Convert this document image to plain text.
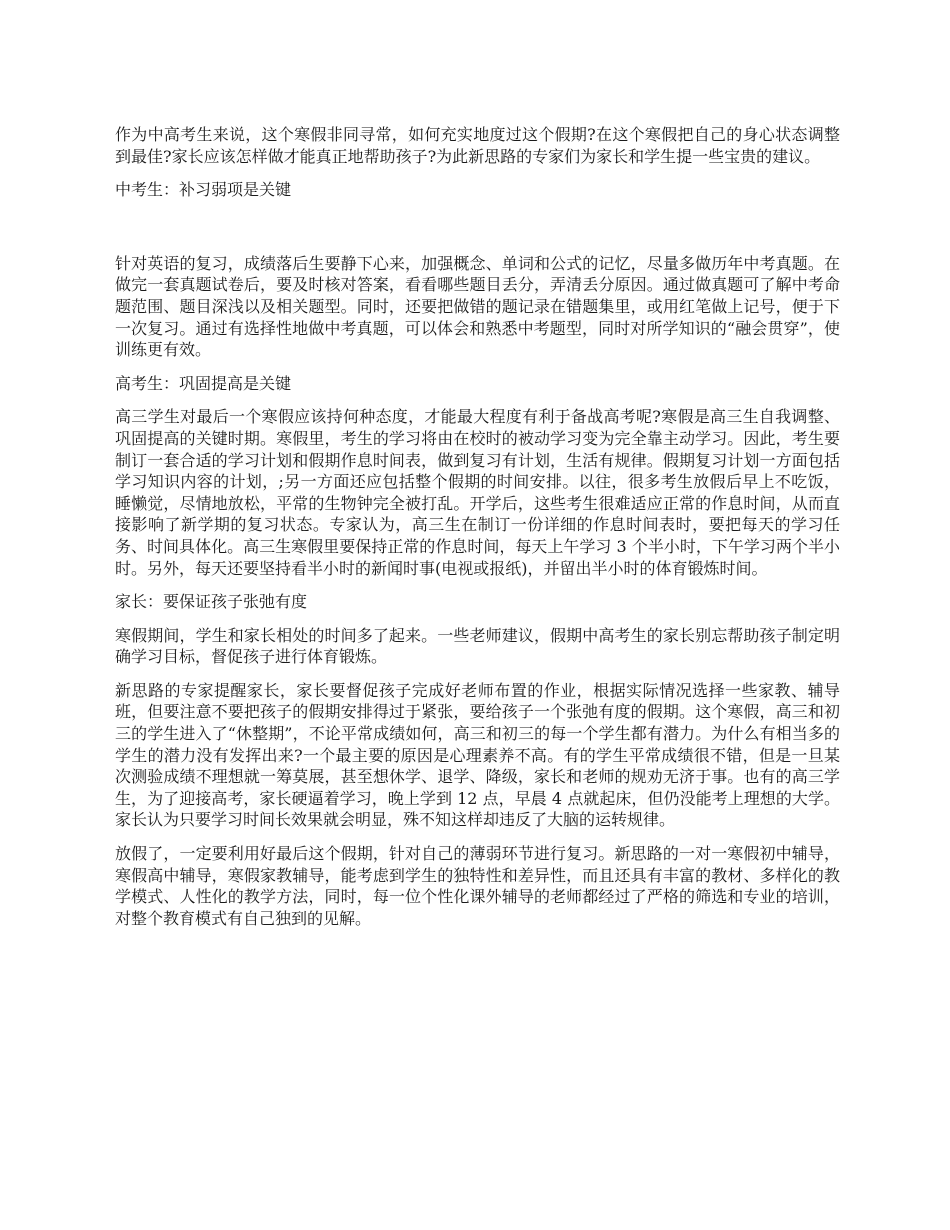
作为中高考生来说，这个寒假非同寻常，如何充实地度过这个假期?在这个寒假把自己的身心状态调整到最佳?家长应该怎样做才能真正地帮助孩子?为此新思路的专家们为家长和学生提一些宝贵的建议。

中考生：补习弱项是关键

针对英语的复习，成绩落后生要静下心来，加强概念、单词和公式的记忆，尽量多做历年中考真题。在做完一套真题试卷后，要及时核对答案，看看哪些题目丢分，弄清丢分原因。通过做真题可了解中考命题范围、题目深浅以及相关题型。同时，还要把做错的题记录在错题集里，或用红笔做上记号，便于下一次复习。通过有选择性地做中考真题，可以体会和熟悉中考题型，同时对所学知识的“融会贯穿”，使训练更有效。

高考生：巩固提高是关键

高三学生对最后一个寒假应该持何种态度，才能最大程度有利于备战高考呢?寒假是高三生自我调整、巩固提高的关键时期。寒假里，考生的学习将由在校时的被动学习变为完全靠主动学习。因此，考生要制订一套合适的学习计划和假期作息时间表，做到复习有计划，生活有规律。假期复习计划一方面包括学习知识内容的计划，;另一方面还应包括整个假期的时间安排。以往，很多考生放假后早上不吃饭，睡懒觉，尽情地放松，平常的生物钟完全被打乱。开学后，这些考生很难适应正常的作息时间，从而直接影响了新学期的复习状态。专家认为，高三生在制订一份详细的作息时间表时，要把每天的学习任务、时间具体化。高三生寒假里要保持正常的作息时间，每天上午学习 3 个半小时，下午学习两个半小时。另外，每天还要坚持看半小时的新闻时事(电视或报纸)，并留出半小时的体育锻炼时间。

家长：要保证孩子张弛有度

寒假期间，学生和家长相处的时间多了起来。一些老师建议，假期中高考生的家长别忘帮助孩子制定明确学习目标，督促孩子进行体育锻炼。

新思路的专家提醒家长，家长要督促孩子完成好老师布置的作业，根据实际情况选择一些家教、辅导班，但要注意不要把孩子的假期安排得过于紧张，要给孩子一个张弛有度的假期。这个寒假，高三和初三的学生进入了“休整期”，不论平常成绩如何，高三和初三的每一个学生都有潜力。为什么有相当多的学生的潜力没有发挥出来?一个最主要的原因是心理素养不高。有的学生平常成绩很不错，但是一旦某次测验成绩不理想就一筹莫展，甚至想休学、退学、降级，家长和老师的规劝无济于事。也有的高三学生，为了迎接高考，家长硬逼着学习，晚上学到 12 点，早晨 4 点就起床，但仍没能考上理想的大学。家长认为只要学习时间长效果就会明显，殊不知这样却违反了大脑的运转规律。

放假了，一定要利用好最后这个假期，针对自己的薄弱环节进行复习。新思路的一对一寒假初中辅导，寒假高中辅导，寒假家教辅导，能考虑到学生的独特性和差异性，而且还具有丰富的教材、多样化的教学模式、人性化的教学方法，同时，每一位个性化课外辅导的老师都经过了严格的筛选和专业的培训，对整个教育模式有自己独到的见解。
